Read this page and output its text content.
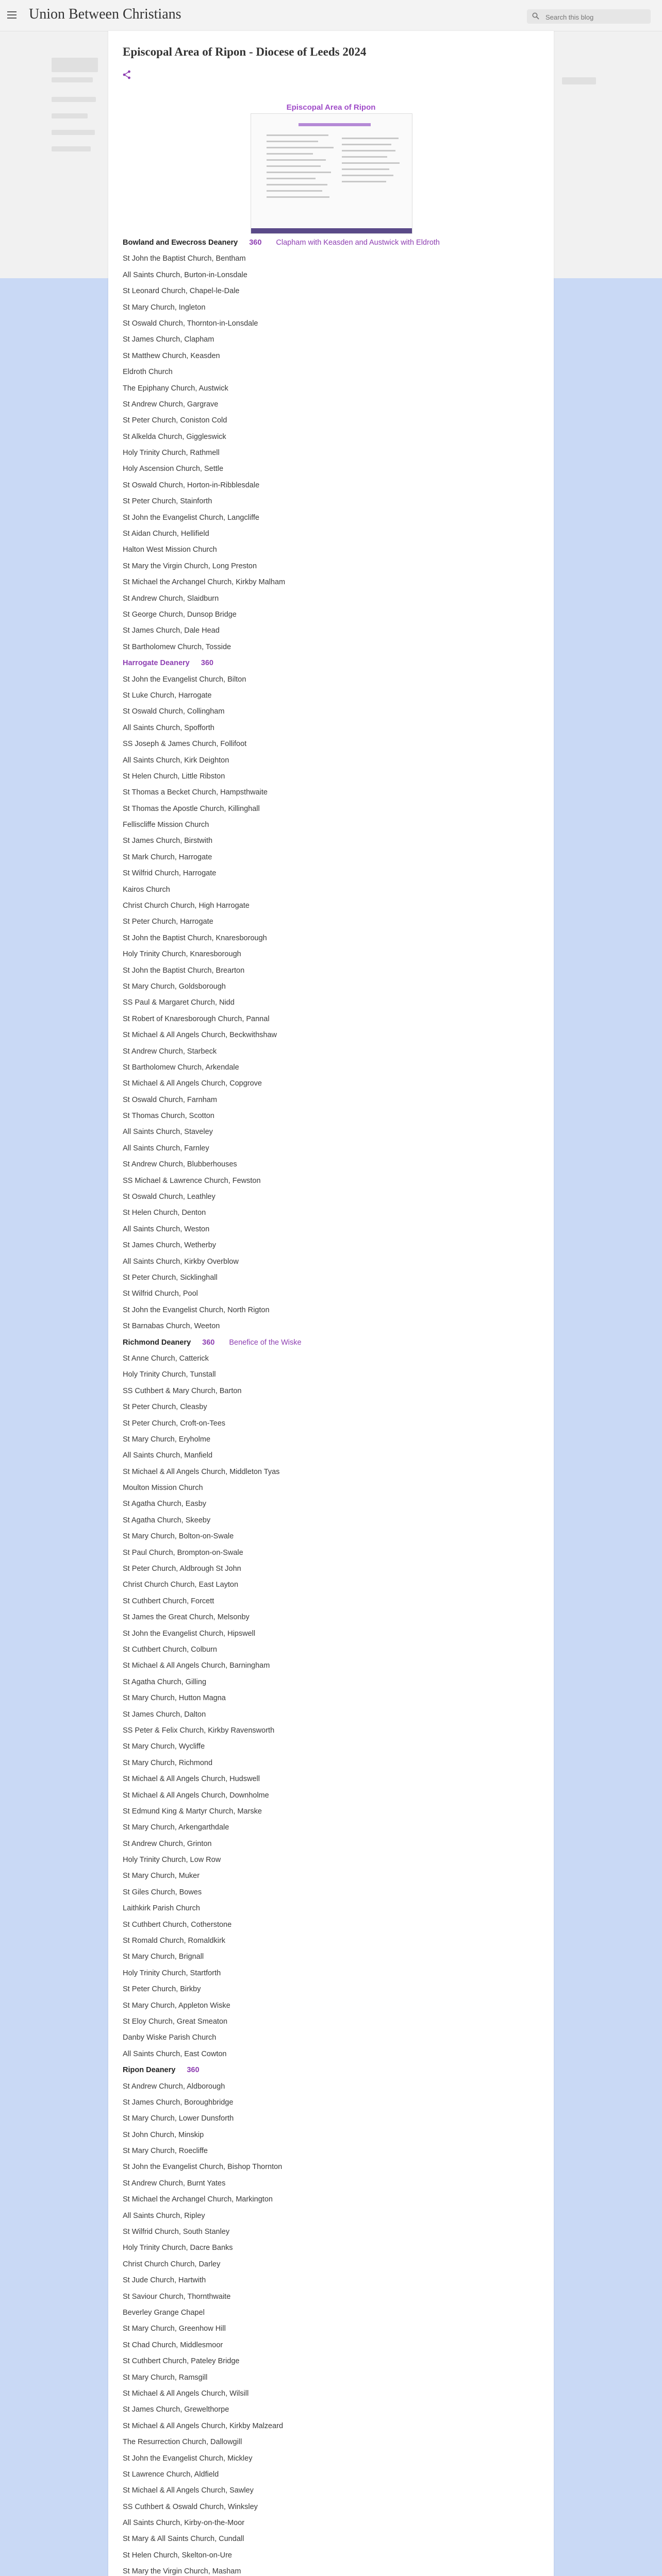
Union Between Christians
Search this blog
Episcopal Area of Ripon - Diocese of Leeds 2024
Episcopal Area of Ripon
Bowland and Ewecross Deanery 360 Clapham with Keasden and Austwick with Eldroth
St John the Baptist Church, Bentham
All Saints Church, Burton-in-Lonsdale
St Leonard Church, Chapel-le-Dale
St Mary Church, Ingleton
St Oswald Church, Thornton-in-Lonsdale
St James Church, Clapham
St Matthew Church, Keasden
Eldroth Church
The Epiphany Church, Austwick
St Andrew Church, Gargrave
St Peter Church, Coniston Cold
St Alkelda Church, Giggleswick
Holy Trinity Church, Rathmell
Holy Ascension Church, Settle
St Oswald Church, Horton-in-Ribblesdale
St Peter Church, Stainforth
St John the Evangelist Church, Langcliffe
St Aidan Church, Hellifield
Halton West Mission Church
St Mary the Virgin Church, Long Preston
St Michael the Archangel Church, Kirkby Malham
St Andrew Church, Slaidburn
St George Church, Dunsop Bridge
St James Church, Dale Head
St Bartholomew Church, Tosside
Harrogate Deanery 360
St John the Evangelist Church, Bilton
St Luke Church, Harrogate
St Oswald Church, Collingham
All Saints Church, Spofforth
SS Joseph & James Church, Follifoot
All Saints Church, Kirk Deighton
St Helen Church, Little Ribston
St Thomas a Becket Church, Hampsthwaite
St Thomas the Apostle Church, Killinghall
Felliscliffe Mission Church
St James Church, Birstwith
St Mark Church, Harrogate
St Wilfrid Church, Harrogate
Kairos Church
Christ Church Church, High Harrogate
St Peter Church, Harrogate
St John the Baptist Church, Knaresborough
Holy Trinity Church, Knaresborough
St John the Baptist Church, Brearton
St Mary Church, Goldsborough
SS Paul & Margaret Church, Nidd
St Robert of Knaresborough Church, Pannal
St Michael & All Angels Church, Beckwithshaw
St Andrew Church, Starbeck
St Bartholomew Church, Arkendale
St Michael & All Angels Church, Copgrove
St Oswald Church, Farnham
St Thomas Church, Scotton
All Saints Church, Staveley
All Saints Church, Farnley
St Andrew Church, Blubberhouses
SS Michael & Lawrence Church, Fewston
St Oswald Church, Leathley
St Helen Church, Denton
All Saints Church, Weston
St James Church, Wetherby
All Saints Church, Kirkby Overblow
St Peter Church, Sicklinghall
St Wilfrid Church, Pool
St John the Evangelist Church, North Rigton
St Barnabas Church, Weeton
Richmond Deanery 360 Benefice of the Wiske
St Anne Church, Catterick
Holy Trinity Church, Tunstall
SS Cuthbert & Mary Church, Barton
St Peter Church, Cleasby
St Peter Church, Croft-on-Tees
St Mary Church, Eryholme
All Saints Church, Manfield
St Michael & All Angels Church, Middleton Tyas
Moulton Mission Church
St Agatha Church, Easby
St Agatha Church, Skeeby
St Mary Church, Bolton-on-Swale
St Paul Church, Brompton-on-Swale
St Peter Church, Aldbrough St John
Christ Church Church, East Layton
St Cuthbert Church, Forcett
St James the Great Church, Melsonby
St John the Evangelist Church, Hipswell
St Cuthbert Church, Colburn
St Michael & All Angels Church, Barningham
St Agatha Church, Gilling
St Mary Church, Hutton Magna
St James Church, Dalton
SS Peter & Felix Church, Kirkby Ravensworth
St Mary Church, Wycliffe
St Mary Church, Richmond
St Michael & All Angels Church, Hudswell
St Michael & All Angels Church, Downholme
St Edmund King & Martyr Church, Marske
St Mary Church, Arkengarthdale
St Andrew Church, Grinton
Holy Trinity Church, Low Row
St Mary Church, Muker
St Giles Church, Bowes
Laithkirk Parish Church
St Cuthbert Church, Cotherstone
St Romald Church, Romaldkirk
St Mary Church, Brignall
Holy Trinity Church, Startforth
St Peter Church, Birkby
St Mary Church, Appleton Wiske
St Eloy Church, Great Smeaton
Danby Wiske Parish Church
All Saints Church, East Cowton
Ripon Deanery 360
St Andrew Church, Aldborough
St James Church, Boroughbridge
St Mary Church, Lower Dunsforth
St John Church, Minskip
St Mary Church, Roecliffe
St John the Evangelist Church, Bishop Thornton
St Andrew Church, Burnt Yates
St Michael the Archangel Church, Markington
All Saints Church, Ripley
St Wilfrid Church, South Stanley
Holy Trinity Church, Dacre Banks
Christ Church Church, Darley
St Jude Church, Hartwith
St Saviour Church, Thornthwaite
Beverley Grange Chapel
St Mary Church, Greenhow Hill
St Chad Church, Middlesmoor
St Cuthbert Church, Pateley Bridge
St Mary Church, Ramsgill
St Michael & All Angels Church, Wilsill
St James Church, Grewelthorpe
St Michael & All Angels Church, Kirkby Malzeard
The Resurrection Church, Dallowgill
St John the Evangelist Church, Mickley
St Lawrence Church, Aldfield
St Michael & All Angels Church, Sawley
SS Cuthbert & Oswald Church, Winksley
All Saints Church, Kirby-on-the-Moor
St Mary & All Saints Church, Cundall
St Helen Church, Skelton-on-Ure
St Mary the Virgin Church, Masham
